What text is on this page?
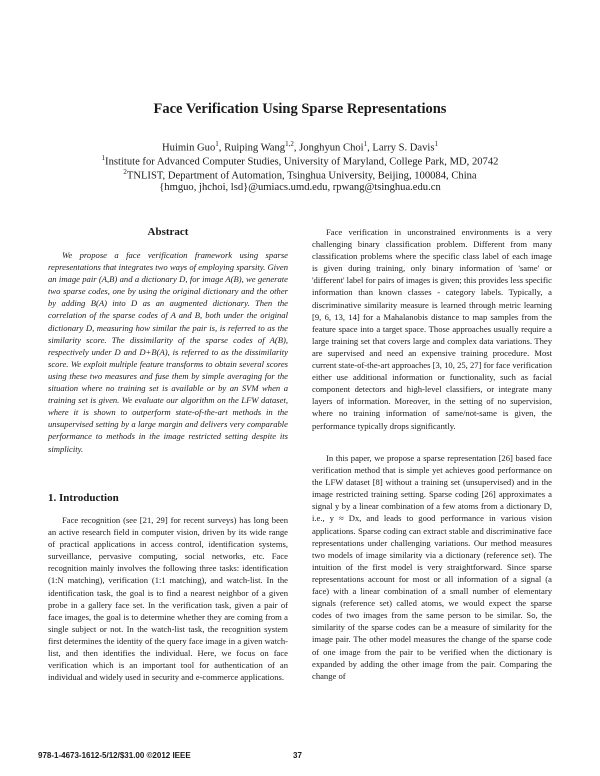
Face Verification Using Sparse Representations
Huimin Guo$^1$, Ruiping Wang$^{1,2}$, Jonghyun Choi$^1$, Larry S. Davis$^1$
$^1$Institute for Advanced Computer Studies, University of Maryland, College Park, MD, 20742
$^2$TNLIST, Department of Automation, Tsinghua University, Beijing, 100084, China
{hmguo, jhchoi, lsd}@umiacs.umd.edu, rpwang@tsinghua.edu.cn
Abstract

We propose a face verification framework using sparse representations that integrates two ways of employing sparsity. Given an image pair (A,B) and a dictionary D, for image A(B), we generate two sparse codes, one by using the original dictionary and the other by adding B(A) into D as an augmented dictionary. Then the correlation of the sparse codes of A and B, both under the original dictionary D, measuring how similar the pair is, is referred to as the similarity score. The dissimilarity of the sparse codes of A(B), respectively under D and D+B(A), is referred to as the dissimilarity score. We exploit multiple feature transforms to obtain several scores using these two measures and fuse them by simple averaging for the situation where no training set is available or by an SVM when a training set is given. We evaluate our algorithm on the LFW dataset, where it is shown to outperform state-of-the-art methods in the unsupervised setting by a large margin and delivers very comparable performance to methods in the image restricted setting despite its simplicity.

1. Introduction

Face recognition (see [21, 29] for recent surveys) has long been an active research field in computer vision, driven by its wide range of practical applications in access control, identification systems, surveillance, pervasive computing, social networks, etc. Face recognition mainly involves the following three tasks: identification (1:N matching), verification (1:1 matching), and watch-list. In the identification task, the goal is to find a nearest neighbor of a given probe in a gallery face set. In the verification task, given a pair of face images, the goal is to determine whether they are coming from a single subject or not. In the watch-list task, the recognition system first determines the identity of the query face image in a given watch-list, and then identifies the individual. Here, we focus on face verification which is an important tool for authentication of an individual and widely used in security and e-commerce applications.

Face verification in unconstrained environments is a very challenging binary classification problem. Different from many classification problems where the specific class label of each image is given during training, only binary information of 'same' or 'different' label for pairs of images is given; this provides less specific information than known classes - category labels. Typically, a discriminative similarity measure is learned through metric learning [9, 6, 13, 14] for a Mahalanobis distance to map samples from the feature space into a target space. Those approaches usually require a large training set that covers large and complex data variations. They are supervised and need an expensive training procedure. Most current state-of-the-art approaches [3, 10, 25, 27] for face verification either use additional information or functionality, such as facial component detectors and high-level classifiers, or integrate many layers of information. Moreover, in the setting of no supervision, where no training information of same/not-same is given, the performance typically drops significantly.

In this paper, we propose a sparse representation [26] based face verification method that is simple yet achieves good performance on the LFW dataset [8] without a training set (unsupervised) and in the image restricted training setting. Sparse coding [26] approximates a signal y by a linear combination of a few atoms from a dictionary D, i.e., y ≈ Dx, and leads to good performance in various vision applications. Sparse coding can extract stable and discriminative face representations under challenging variations. Our method measures two models of image similarity via a dictionary (reference set). The intuition of the first model is very straightforward. Since sparse representations account for most or all information of a signal (a face) with a linear combination of a small number of elementary signals (reference set) called atoms, we would expect the sparse codes of two images from the same person to be similar. So, the similarity of the sparse codes can be a measure of similarity for the image pair. The other model measures the change of the sparse code of one image from the pair to be verified when the dictionary is expanded by adding the other image from the pair. Comparing the change of

978-1-4673-1612-5/12/$31.00 ©2012 IEEE	37
